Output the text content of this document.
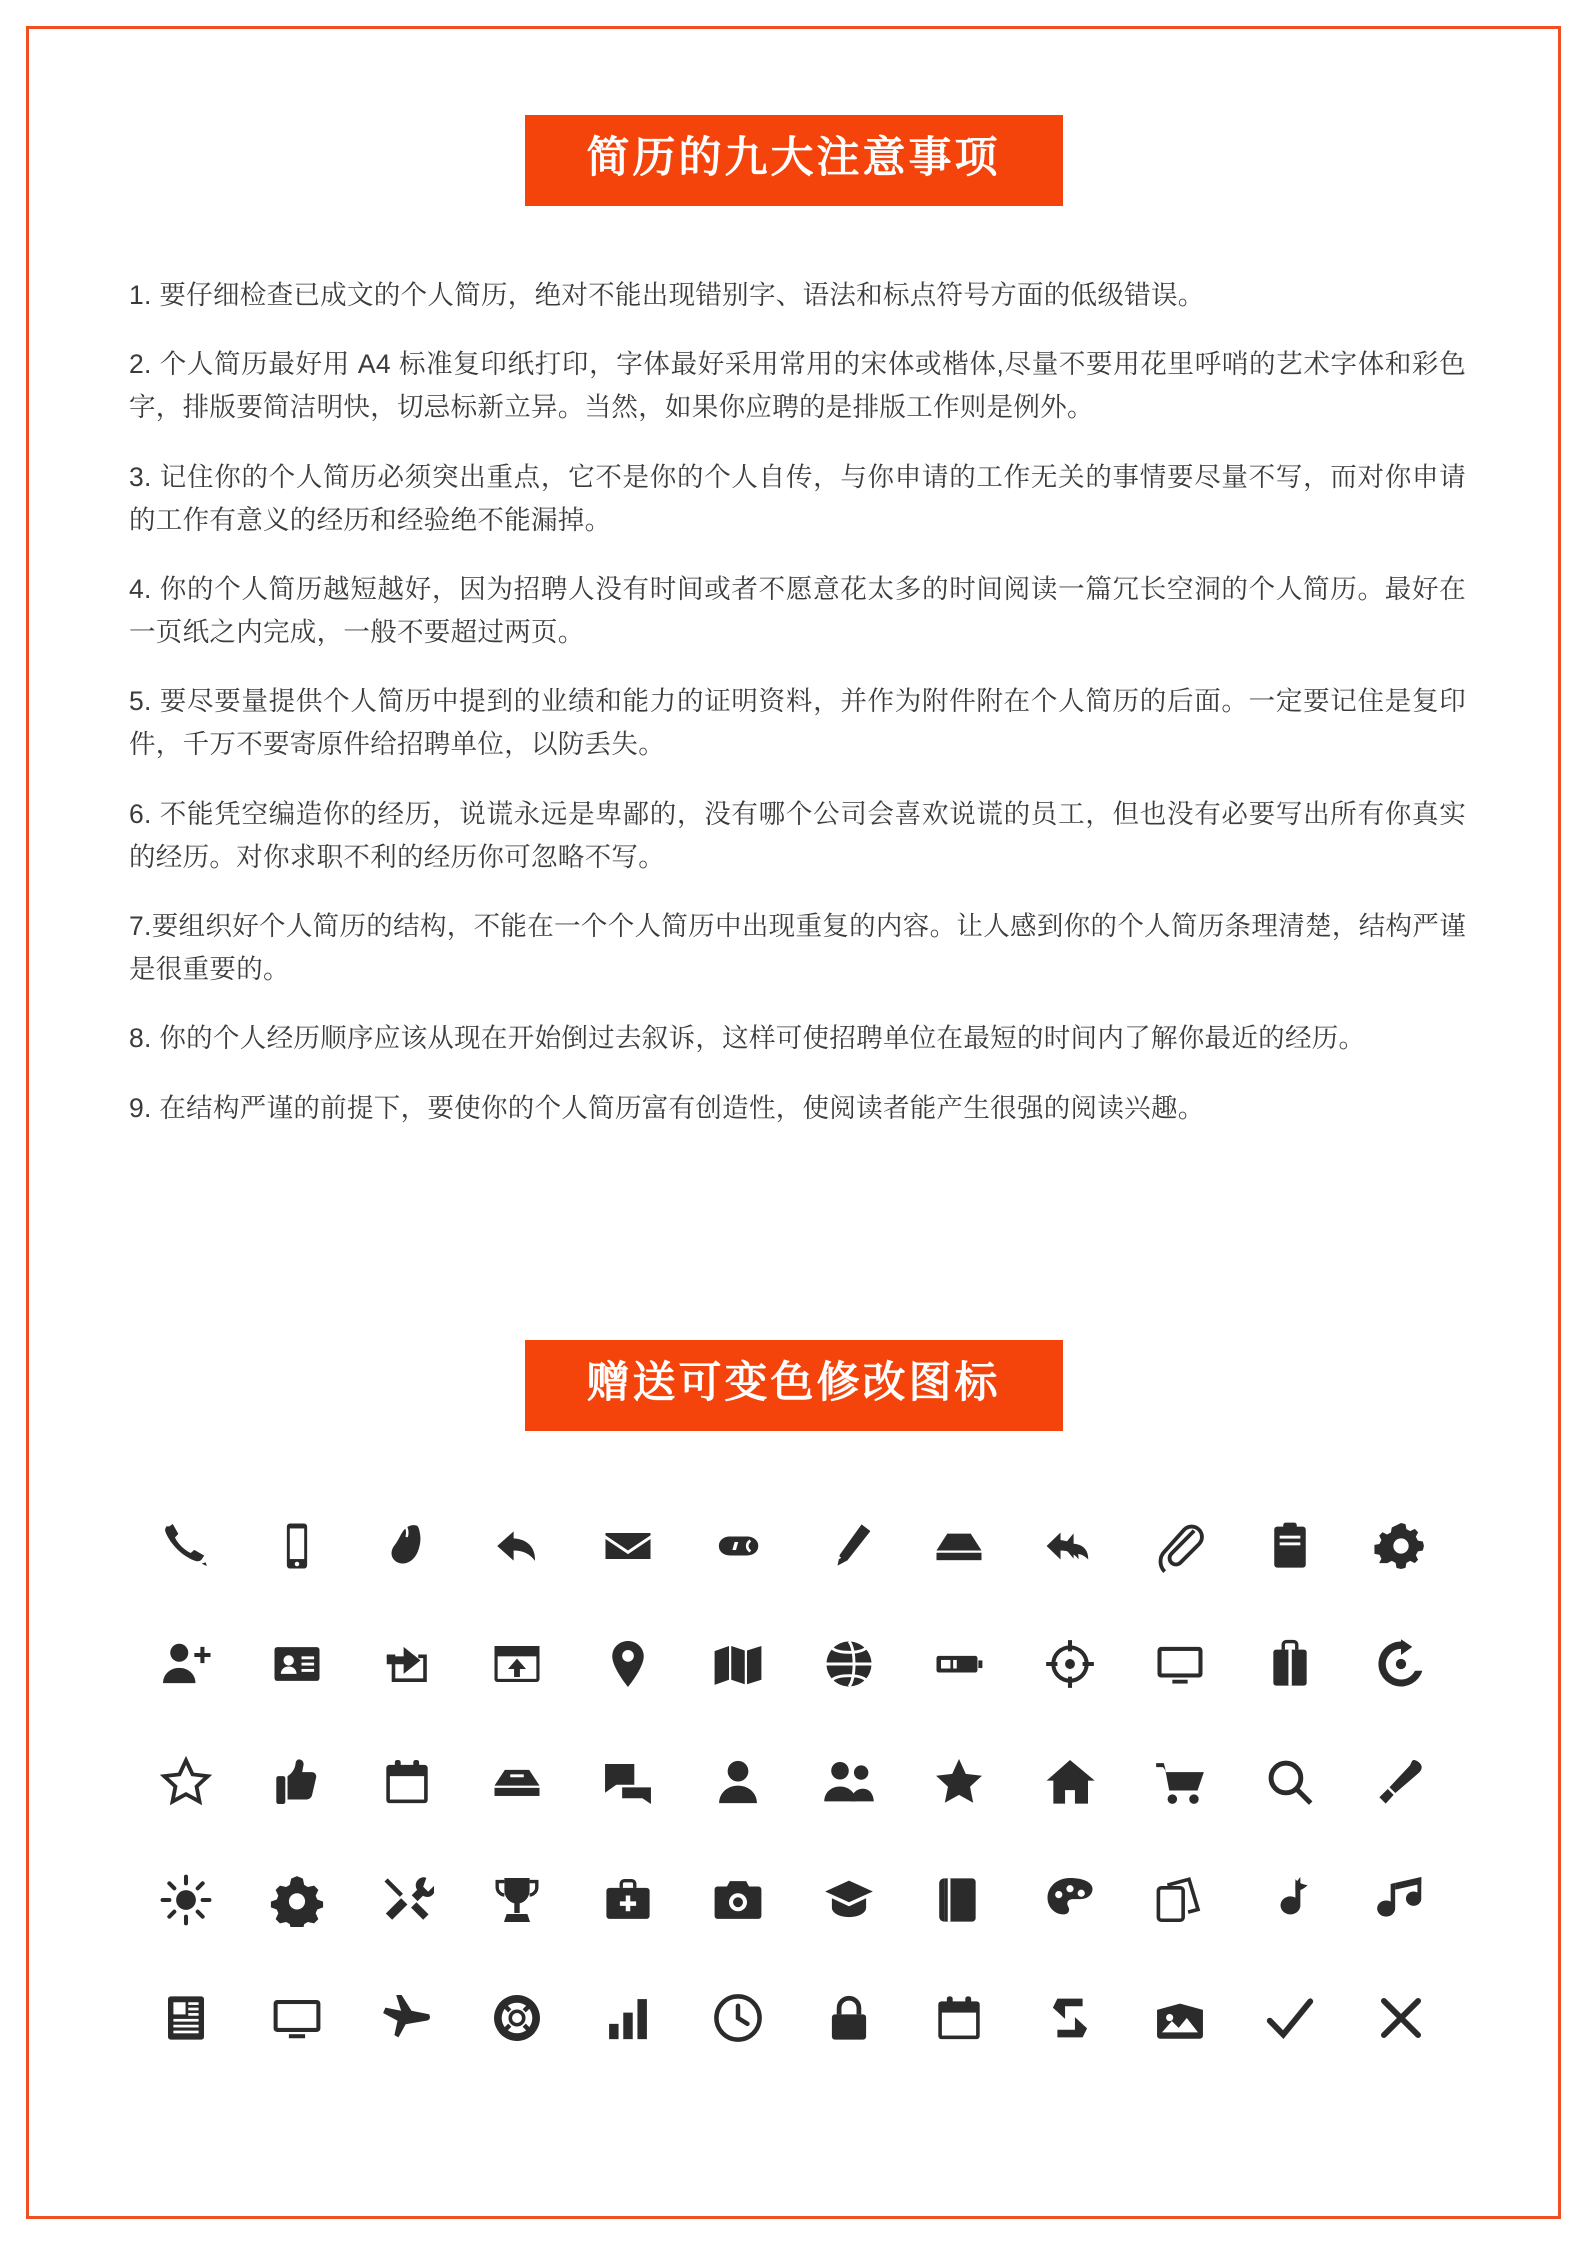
简历的九大注意事项

1. 要仔细检查已成文的个人简历，绝对不能出现错别字、语法和标点符号方面的低级错误。

2. 个人简历最好用 A4 标准复印纸打印，字体最好采用常用的宋体或楷体,尽量不要用花里呼哨的艺术字体和彩色字，排版要简洁明快，切忌标新立异。当然，如果你应聘的是排版工作则是例外。

3. 记住你的个人简历必须突出重点，它不是你的个人自传，与你申请的工作无关的事情要尽量不写，而对你申请的工作有意义的经历和经验绝不能漏掉。

4. 你的个人简历越短越好，因为招聘人没有时间或者不愿意花太多的时间阅读一篇冗长空洞的个人简历。最好在一页纸之内完成，一般不要超过两页。

5. 要尽要量提供个人简历中提到的业绩和能力的证明资料，并作为附件附在个人简历的后面。一定要记住是复印件，千万不要寄原件给招聘单位，以防丢失。

6. 不能凭空编造你的经历，说谎永远是卑鄙的，没有哪个公司会喜欢说谎的员工，但也没有必要写出所有你真实的经历。对你求职不利的经历你可忽略不写。

7.要组织好个人简历的结构，不能在一个个人简历中出现重复的内容。让人感到你的个人简历条理清楚，结构严谨是很重要的。

8. 你的个人经历顺序应该从现在开始倒过去叙诉，这样可使招聘单位在最短的时间内了解你最近的经历。

9. 在结构严谨的前提下，要使你的个人简历富有创造性，使阅读者能产生很强的阅读兴趣。

赠送可变色修改图标
